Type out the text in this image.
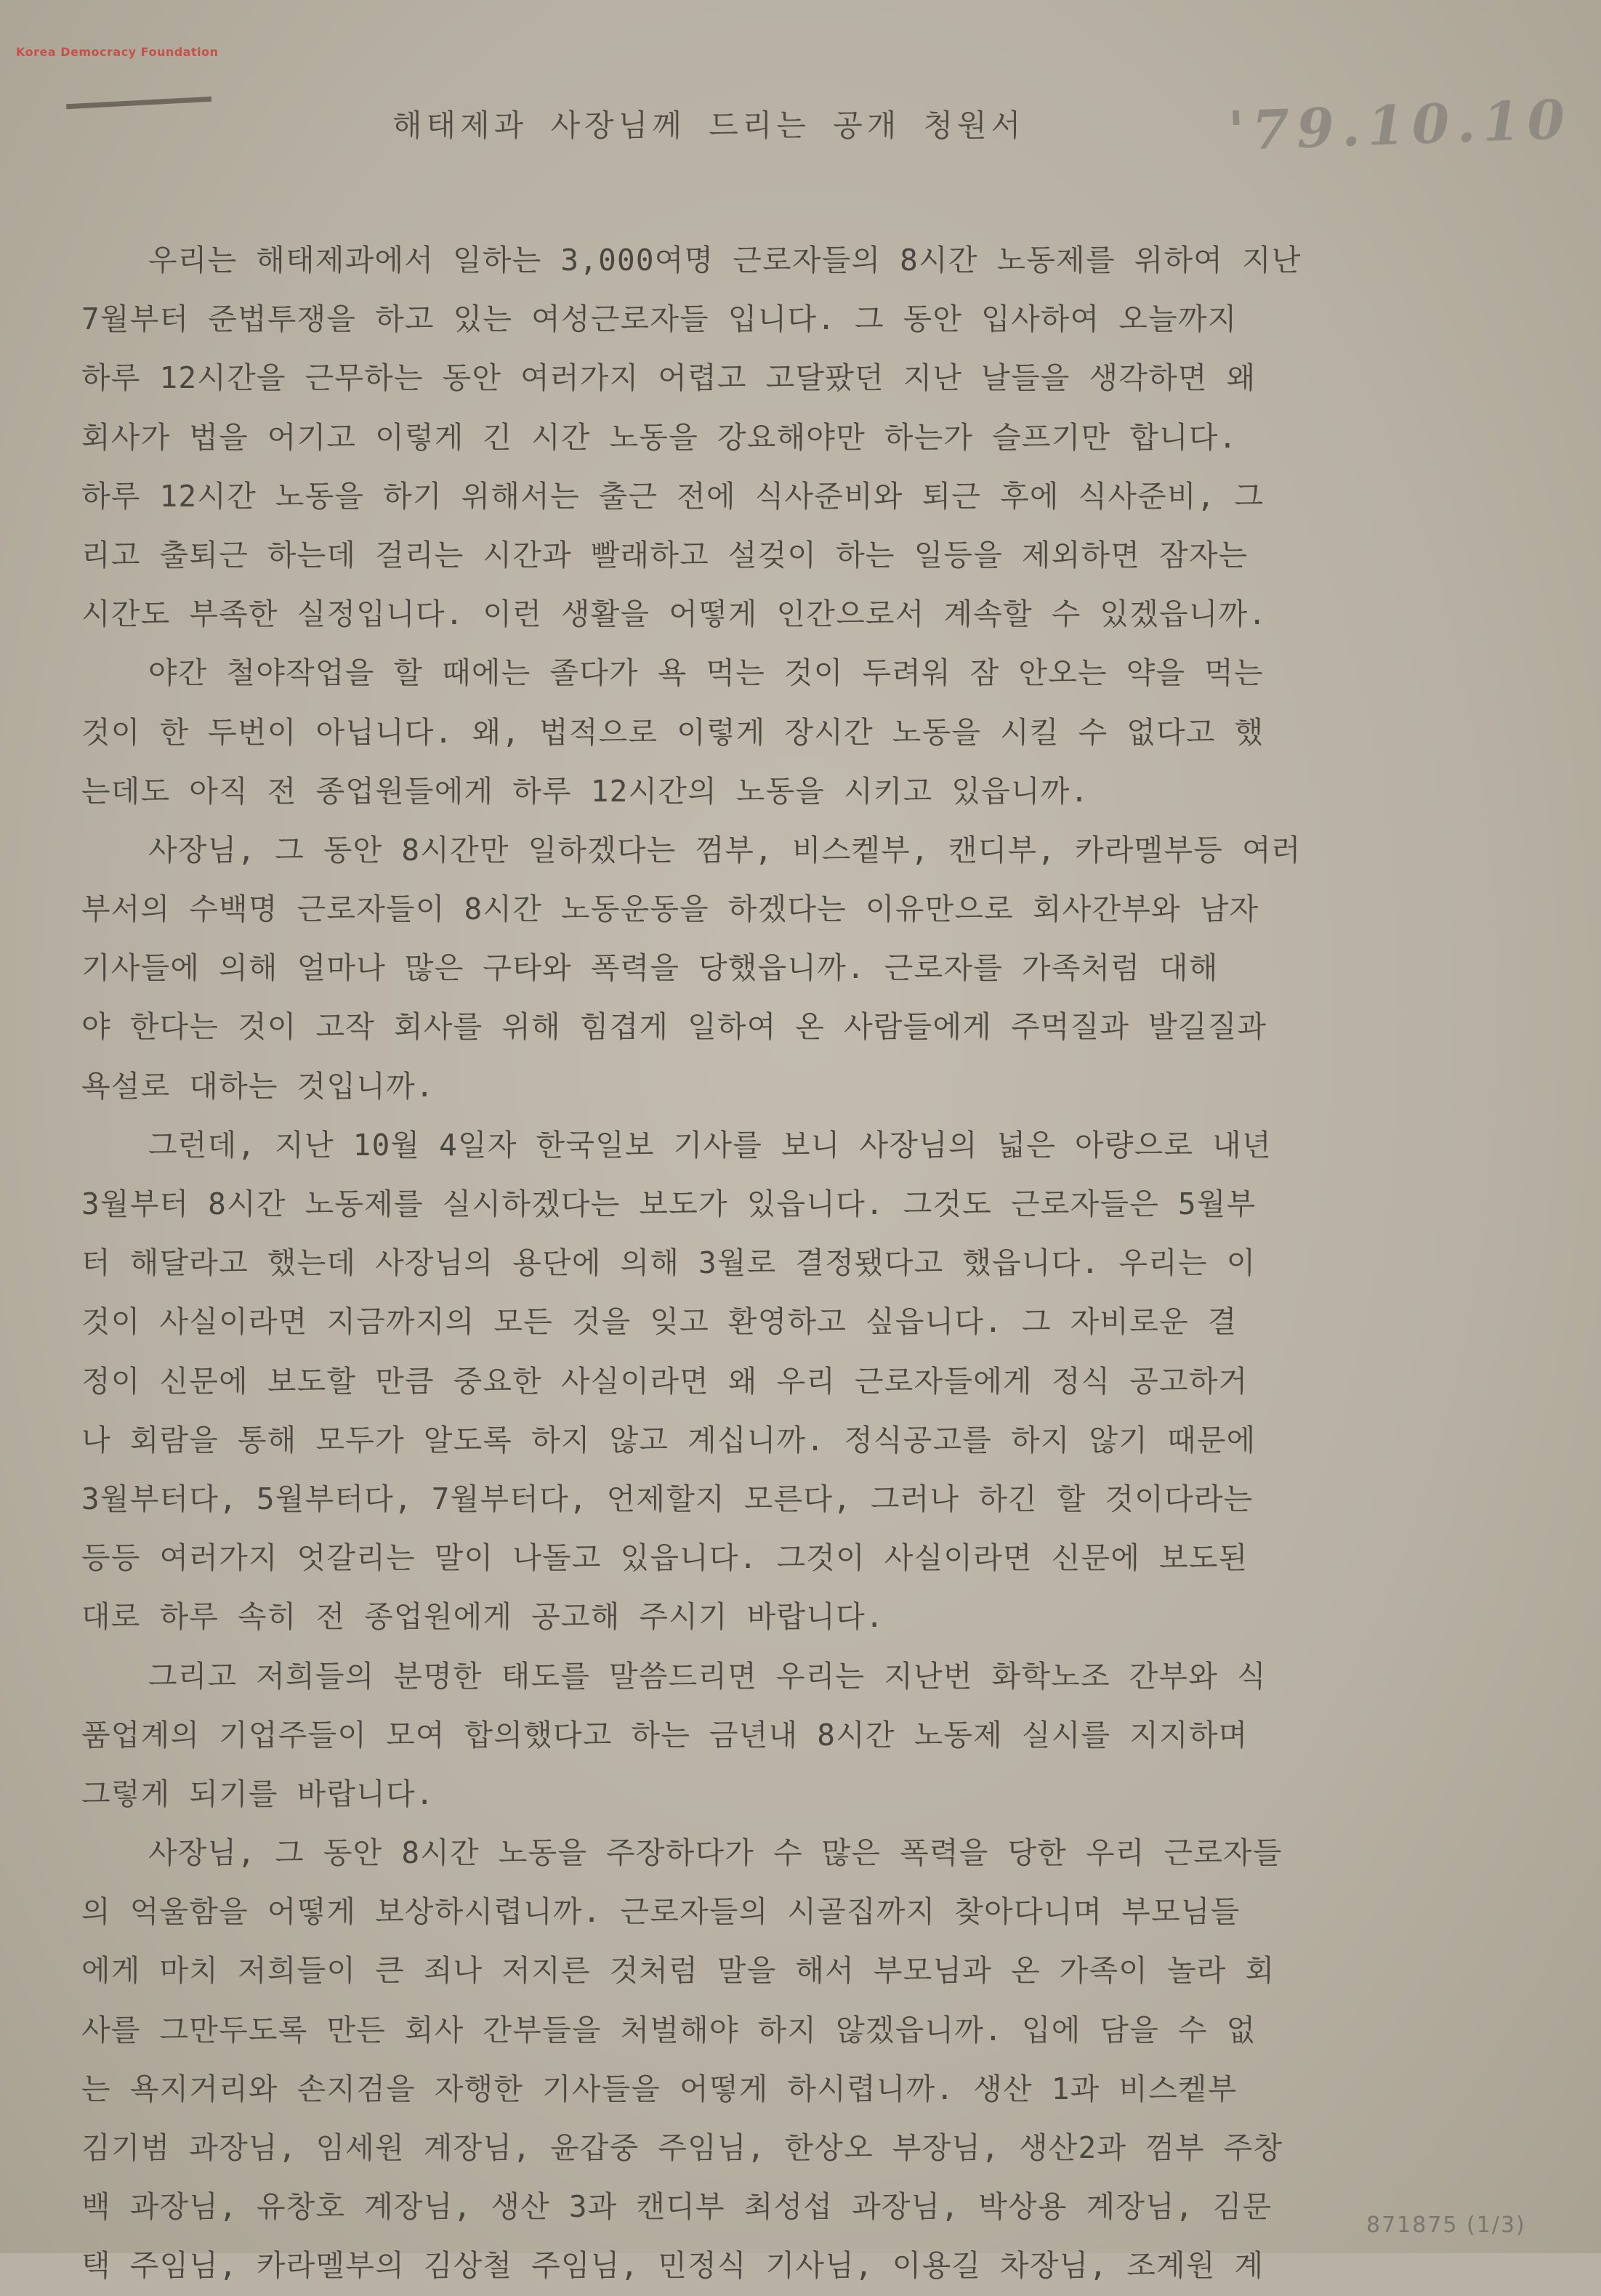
Korea Democracy Foundation
해태제과 사장님께 드리는 공개 청원서	'79.10.10
우리는 해태제과에서 일하는 3,000여명 근로자들의 8시간 노동제를 위하여 지난
7월부터 준법투쟁을 하고 있는 여성근로자들 입니다. 그 동안 입사하여 오늘까지
하루 12시간을 근무하는 동안 여러가지 어렵고 고달팠던 지난 날들을 생각하면 왜
회사가 법을 어기고 이렇게 긴 시간 노동을 강요해야만 하는가 슬프기만 합니다.
하루 12시간 노동을 하기 위해서는 출근 전에 식사준비와 퇴근 후에 식사준비, 그
리고 출퇴근 하는데 걸리는 시간과 빨래하고 설겆이 하는 일등을 제외하면 잠자는
시간도 부족한 실정입니다. 이런 생활을 어떻게 인간으로서 계속할 수 있겠읍니까.
야간 철야작업을 할 때에는 졸다가 욕 먹는 것이 두려워 잠 안오는 약을 먹는
것이 한 두번이 아닙니다. 왜, 법적으로 이렇게 장시간 노동을 시킬 수 없다고 했
는데도 아직 전 종업원들에게 하루 12시간의 노동을 시키고 있읍니까.
사장님, 그 동안 8시간만 일하겠다는 껌부, 비스켙부, 캔디부, 카라멜부등 여러
부서의 수백명 근로자들이 8시간 노동운동을 하겠다는 이유만으로 회사간부와 남자
기사들에 의해 얼마나 많은 구타와 폭력을 당했읍니까. 근로자를 가족처럼 대해
야 한다는 것이 고작 회사를 위해 힘겹게 일하여 온 사람들에게 주먹질과 발길질과
욕설로 대하는 것입니까.
그런데, 지난 10월 4일자 한국일보 기사를 보니 사장님의 넓은 아량으로 내년
3월부터 8시간 노동제를 실시하겠다는 보도가 있읍니다. 그것도 근로자들은 5월부
터 해달라고 했는데 사장님의 용단에 의해 3월로 결정됐다고 했읍니다. 우리는 이
것이 사실이라면 지금까지의 모든 것을 잊고 환영하고 싶읍니다. 그 자비로운 결
정이 신문에 보도할 만큼 중요한 사실이라면 왜 우리 근로자들에게 정식 공고하거
나 회람을 통해 모두가 알도록 하지 않고 계십니까. 정식공고를 하지 않기 때문에
3월부터다, 5월부터다, 7월부터다, 언제할지 모른다, 그러나 하긴 할 것이다라는
등등 여러가지 엇갈리는 말이 나돌고 있읍니다. 그것이 사실이라면 신문에 보도된
대로 하루 속히 전 종업원에게 공고해 주시기 바랍니다.
그리고 저희들의 분명한 태도를 말씀드리면 우리는 지난번 화학노조 간부와 식
품업계의 기업주들이 모여 합의했다고 하는 금년내 8시간 노동제 실시를 지지하며
그렇게 되기를 바랍니다.
사장님, 그 동안 8시간 노동을 주장하다가 수 많은 폭력을 당한 우리 근로자들
의 억울함을 어떻게 보상하시렵니까. 근로자들의 시골집까지 찾아다니며 부모님들
에게 마치 저희들이 큰 죄나 저지른 것처럼 말을 해서 부모님과 온 가족이 놀라 회
사를 그만두도록 만든 회사 간부들을 처벌해야 하지 않겠읍니까. 입에 담을 수 없
는 욕지거리와 손지검을 자행한 기사들을 어떻게 하시렵니까. 생산 1과 비스켙부
김기범 과장님, 임세원 계장님, 윤갑중 주임님, 한상오 부장님, 생산2과 껌부 주창
백 과장님, 유창호 계장님, 생산 3과 캔디부 최성섭 과장님, 박상용 계장님, 김문
택 주임님, 카라멜부의 김상철 주임님, 민정식 기사님, 이용길 차장님, 조계원 계
871875 (1/3)
